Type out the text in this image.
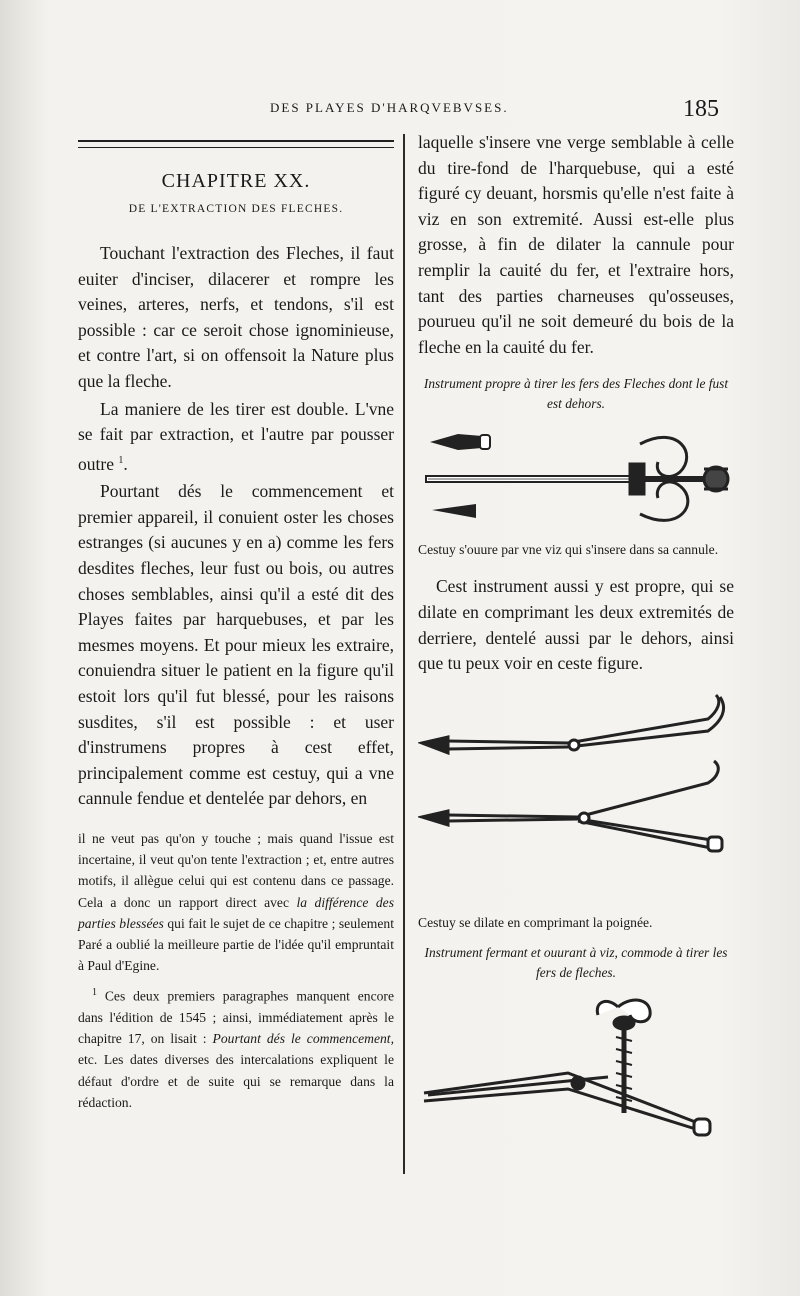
DES PLAYES D'HARQVEBVSES.	185
CHAPITRE XX.
DE L'EXTRACTION DES FLECHES.

Touchant l'extraction des Fleches, il faut euiter d'inciser, dilacerer et rompre les veines, arteres, nerfs, et tendons, s'il est possible : car ce seroit chose ignominieuse, et contre l'art, si on offensoit la Nature plus que la fleche.

La maniere de les tirer est double. L'vne se fait par extraction, et l'autre par pousser outre $^1$.

Pourtant dés le commencement et premier appareil, il conuient oster les choses estranges (si aucunes y en a) comme les fers desdites fleches, leur fust ou bois, ou autres choses semblables, ainsi qu'il a esté dit des Playes faites par harquebuses, et par les mesmes moyens. Et pour mieux les extraire, conuiendra situer le patient en la figure qu'il estoit lors qu'il fut blessé, pour les raisons susdites, s'il est possible : et user d'instrumens propres à cest effet, principalement comme est cestuy, qui a vne cannule fendue et dentelée par dehors, en

il ne veut pas qu'on y touche ; mais quand l'issue est incertaine, il veut qu'on tente l'extraction ; et, entre autres motifs, il allègue celui qui est contenu dans ce passage. Cela a donc un rapport direct avec la différence des parties blessées qui fait le sujet de ce chapitre ; seulement Paré a oublié la meilleure partie de l'idée qu'il empruntait à Paul d'Egine.

$^1$ Ces deux premiers paragraphes manquent encore dans l'édition de 1545 ; ainsi, immédiatement après le chapitre 17, on lisait : Pourtant dés le commencement, etc. Les dates diverses des intercalations expliquent le défaut d'ordre et de suite qui se remarque dans la rédaction.

laquelle s'insere vne verge semblable à celle du tire-fond de l'harquebuse, qui a esté figuré cy deuant, horsmis qu'elle n'est faite à viz en son extremité. Aussi est-elle plus grosse, à fin de dilater la cannule pour remplir la cauité du fer, et l'extraire hors, tant des parties charneuses qu'osseuses, pourueu qu'il ne soit demeuré du bois de la fleche en la cauité du fer.

Instrument propre à tirer les fers des Fleches dont le fust est dehors.

Cestuy s'ouure par vne viz qui s'insere dans sa cannule.

Cest instrument aussi y est propre, qui se dilate en comprimant les deux extremités de derriere, dentelé aussi par le dehors, ainsi que tu peux voir en ceste figure.

Cestuy se dilate en comprimant la poignée.

Instrument fermant et ouurant à viz, commode à tirer les fers de fleches.
